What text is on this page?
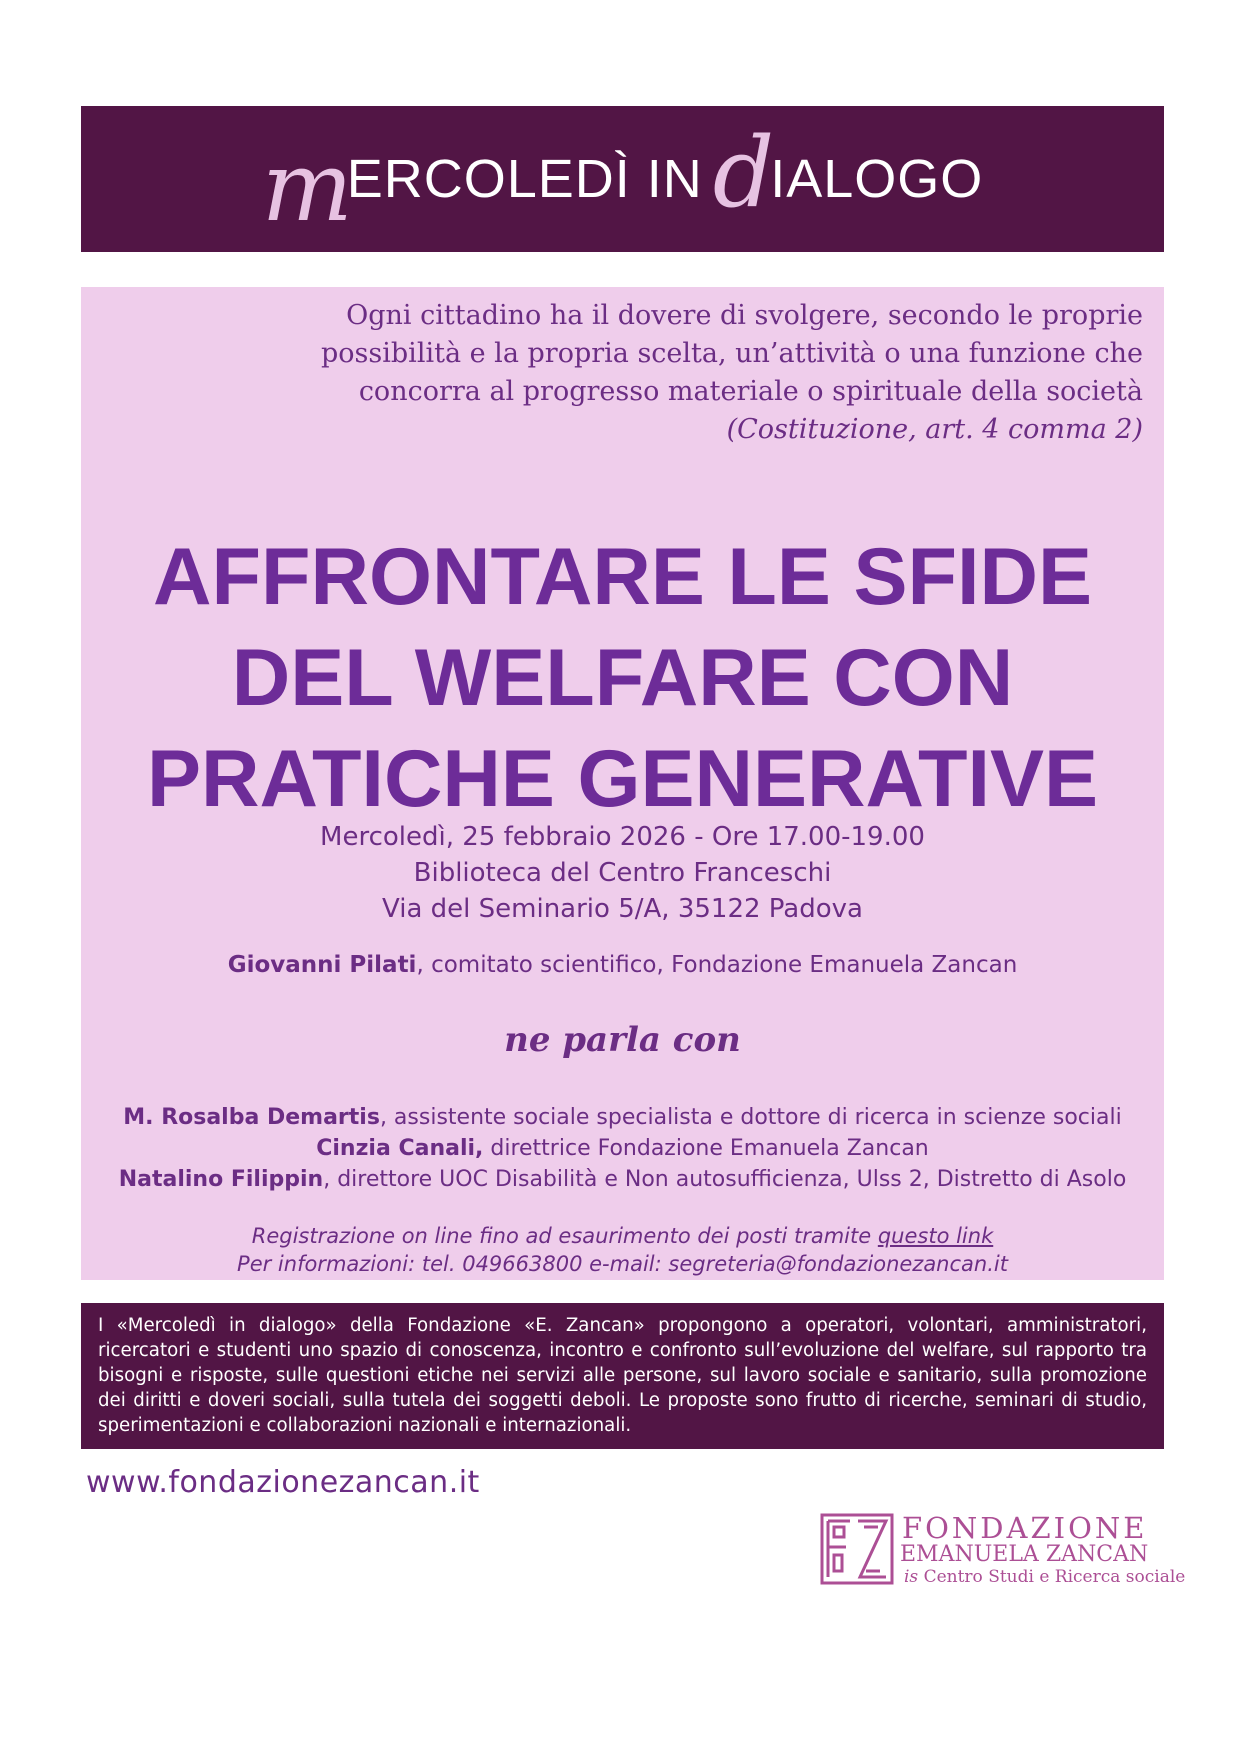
m
ERCOLEDÌ IN d
IALOGO
Ogni cittadino ha il dovere di svolgere, secondo le proprie
possibilità e la propria scelta, un’attività o una funzione che
concorra al progresso materiale o spirituale della società
(Costituzione, art. 4 comma 2)
AFFRONTARE LE SFIDE
DEL WELFARE CON
PRATICHE GENERATIVE
Mercoledì, 25 febbraio 2026 - Ore 17.00-19.00
Biblioteca del Centro Franceschi
Via del Seminario 5/A, 35122 Padova
Giovanni Pilati, comitato scientifico, Fondazione Emanuela Zancan
ne parla con
M. Rosalba Demartis, assistente sociale specialista e dottore di ricerca in scienze sociali
Cinzia Canali, direttrice Fondazione Emanuela Zancan
Natalino Filippin, direttore UOC Disabilità e Non autosufficienza, Ulss 2, Distretto di Asolo
Registrazione on line fino ad esaurimento dei posti tramite questo link
Per informazioni: tel. 049663800 e-mail: segreteria@fondazionezancan.it
I «Mercoledì in dialogo» della Fondazione «E. Zancan» propongono a operatori, volontari, amministratori, ricercatori e studenti uno spazio di conoscenza, incontro e confronto sull’evoluzione del welfare, sul rapporto tra bisogni e risposte, sulle questioni etiche nei servizi alle persone, sul lavoro sociale e sanitario, sulla promozione dei diritti e doveri sociali, sulla tutela dei soggetti deboli. Le proposte sono frutto di ricerche, seminari di studio, sperimentazioni e collaborazioni nazionali e internazionali.
www.fondazionezancan.it
FONDAZIONE
EMANUELA ZANCAN
is Centro Studi e Ricerca sociale
